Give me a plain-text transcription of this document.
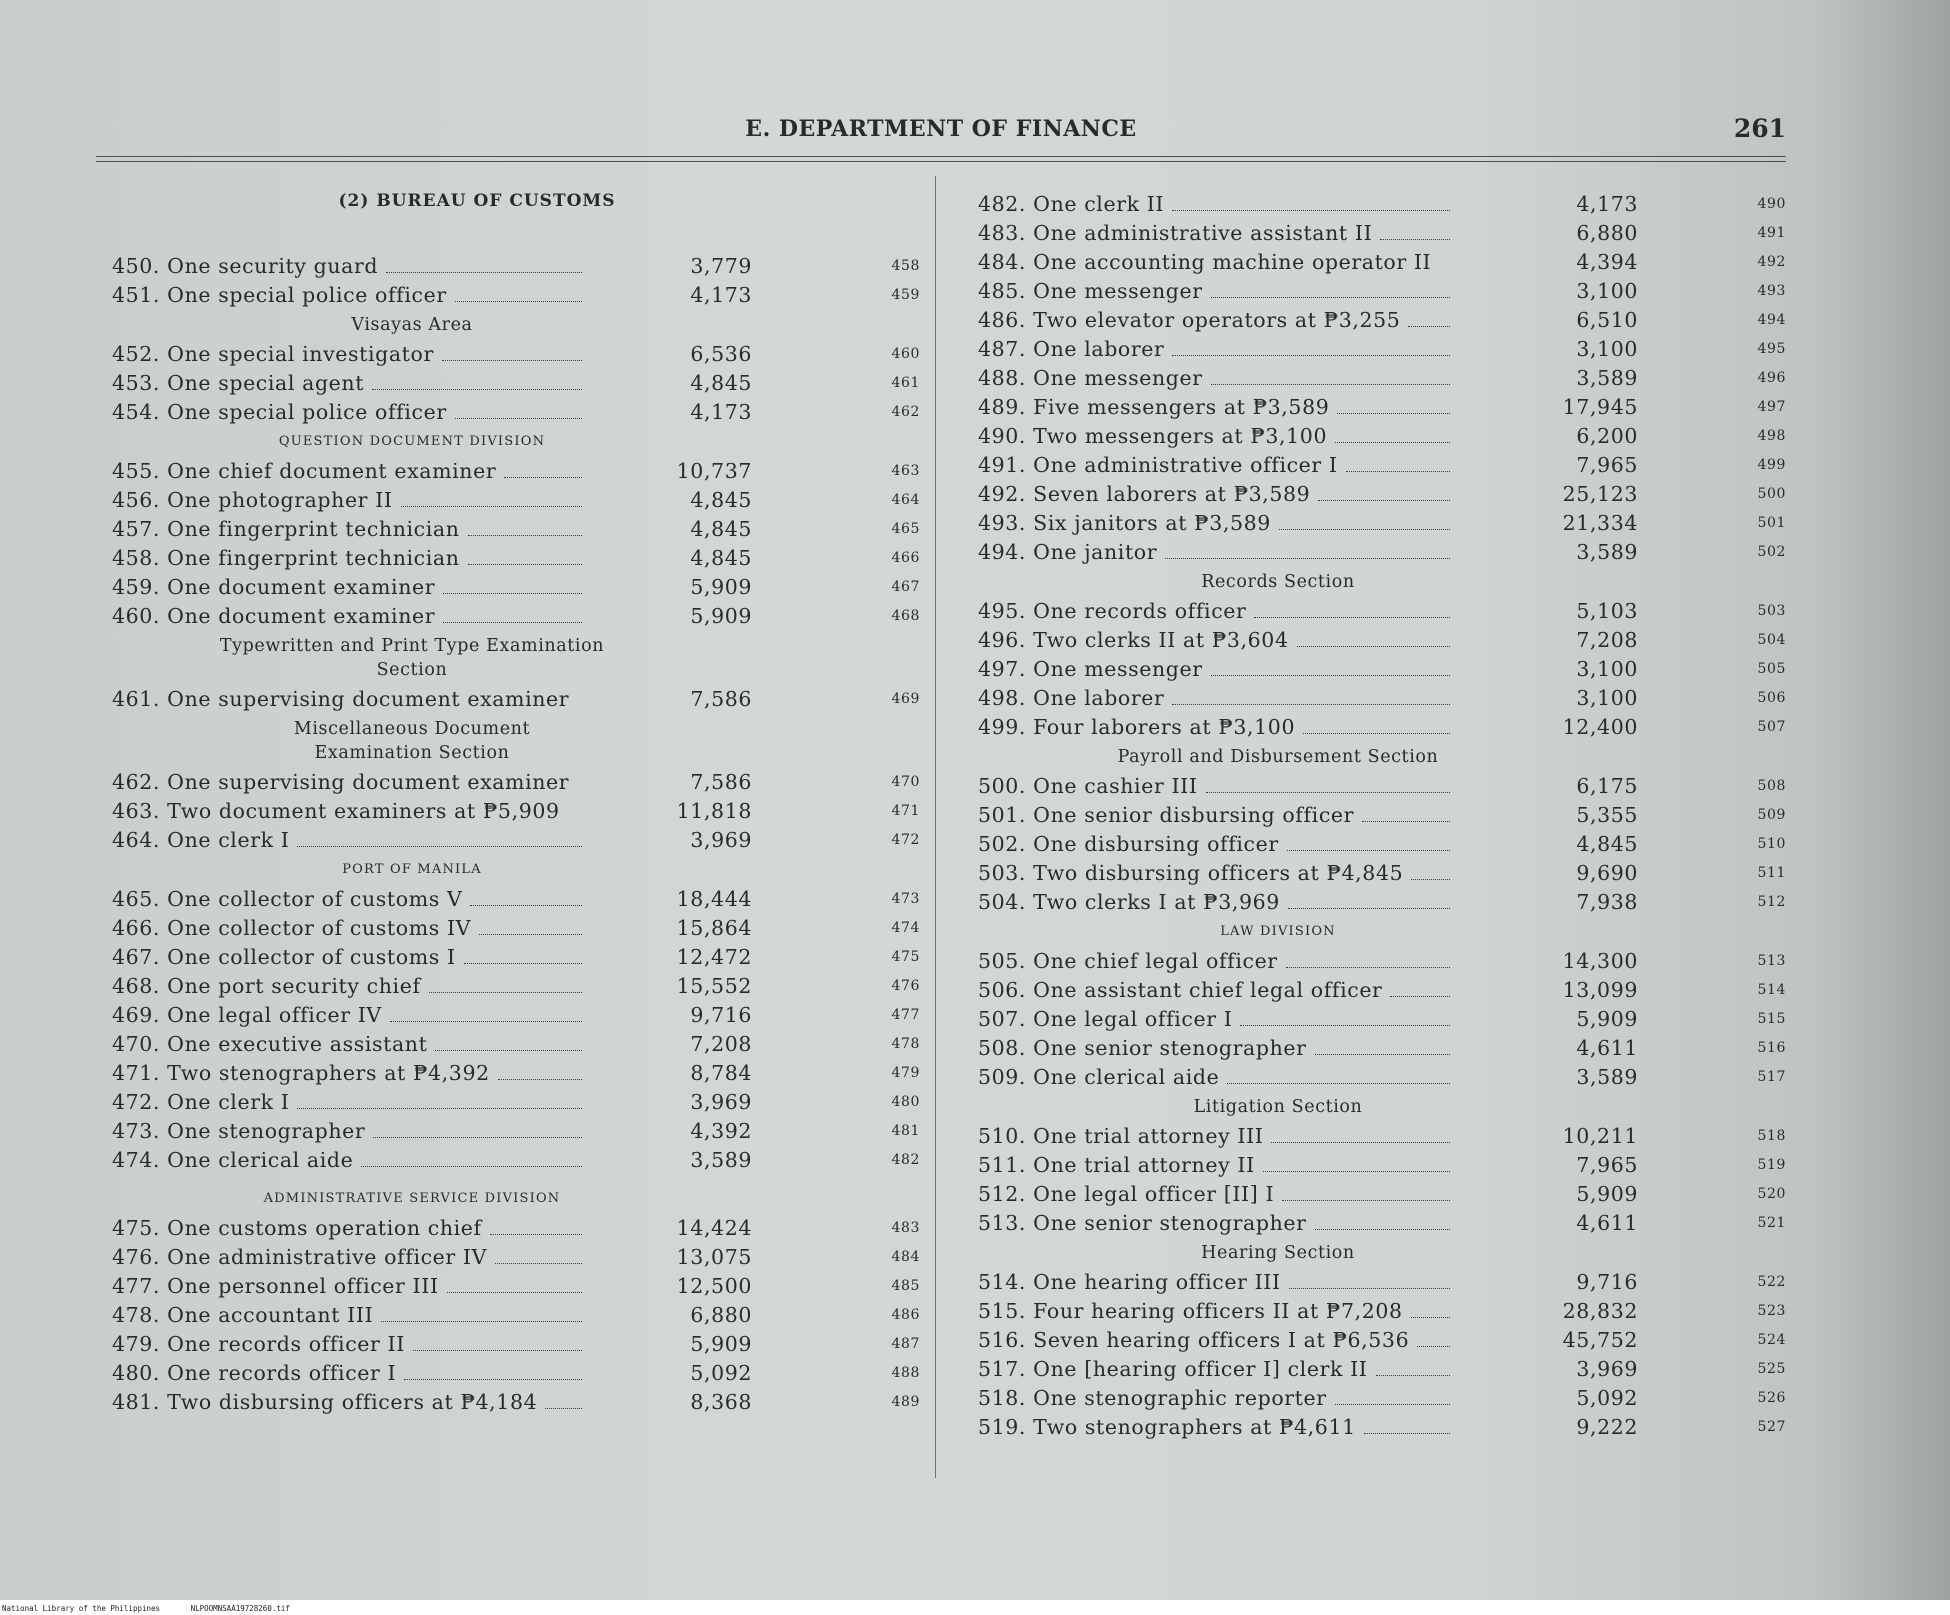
E. DEPARTMENT OF FINANCE	261
(2) BUREAU OF CUSTOMS
450. One security guard	3,779	458
451. One special police officer	4,173	459
Visayas Area
452. One special investigator	6,536	460
453. One special agent	4,845	461
454. One special police officer	4,173	462
QUESTION DOCUMENT DIVISION
455. One chief document examiner	10,737	463
456. One photographer II	4,845	464
457. One fingerprint technician	4,845	465
458. One fingerprint technician	4,845	466
459. One document examiner	5,909	467
460. One document examiner	5,909	468
Typewritten and Print Type Examination
Section
461. One supervising document examiner	7,586	469
Miscellaneous Document
Examination Section
462. One supervising document examiner	7,586	470
463. Two document examiners at ₱5,909	11,818	471
464. One clerk I	3,969	472
PORT OF MANILA
465. One collector of customs V	18,444	473
466. One collector of customs IV	15,864	474
467. One collector of customs I	12,472	475
468. One port security chief	15,552	476
469. One legal officer IV	9,716	477
470. One executive assistant	7,208	478
471. Two stenographers at ₱4,392	8,784	479
472. One clerk I	3,969	480
473. One stenographer	4,392	481
474. One clerical aide	3,589	482
ADMINISTRATIVE SERVICE DIVISION
475. One customs operation chief	14,424	483
476. One administrative officer IV	13,075	484
477. One personnel officer III	12,500	485
478. One accountant III	6,880	486
479. One records officer II	5,909	487
480. One records officer I	5,092	488
481. Two disbursing officers at ₱4,184	8,368	489
482. One clerk II	4,173	490
483. One administrative assistant II	6,880	491
484. One accounting machine operator II	4,394	492
485. One messenger	3,100	493
486. Two elevator operators at ₱3,255	6,510	494
487. One laborer	3,100	495
488. One messenger	3,589	496
489. Five messengers at ₱3,589	17,945	497
490. Two messengers at ₱3,100	6,200	498
491. One administrative officer I	7,965	499
492. Seven laborers at ₱3,589	25,123	500
493. Six janitors at ₱3,589	21,334	501
494. One janitor	3,589	502
Records Section
495. One records officer	5,103	503
496. Two clerks II at ₱3,604	7,208	504
497. One messenger	3,100	505
498. One laborer	3,100	506
499. Four laborers at ₱3,100	12,400	507
Payroll and Disbursement Section
500. One cashier III	6,175	508
501. One senior disbursing officer	5,355	509
502. One disbursing officer	4,845	510
503. Two disbursing officers at ₱4,845	9,690	511
504. Two clerks I at ₱3,969	7,938	512
LAW DIVISION
505. One chief legal officer	14,300	513
506. One assistant chief legal officer	13,099	514
507. One legal officer I	5,909	515
508. One senior stenographer	4,611	516
509. One clerical aide	3,589	517
Litigation Section
510. One trial attorney III	10,211	518
511. One trial attorney II	7,965	519
512. One legal officer [II] I	5,909	520
513. One senior stenographer	4,611	521
Hearing Section
514. One hearing officer III	9,716	522
515. Four hearing officers II at ₱7,208	28,832	523
516. Seven hearing officers I at ₱6,536	45,752	524
517. One [hearing officer I] clerk II	3,969	525
518. One stenographic reporter	5,092	526
519. Two stenographers at ₱4,611	9,222	527
National Library of the Philippines	NLPOOMNSAA19728260.tif
